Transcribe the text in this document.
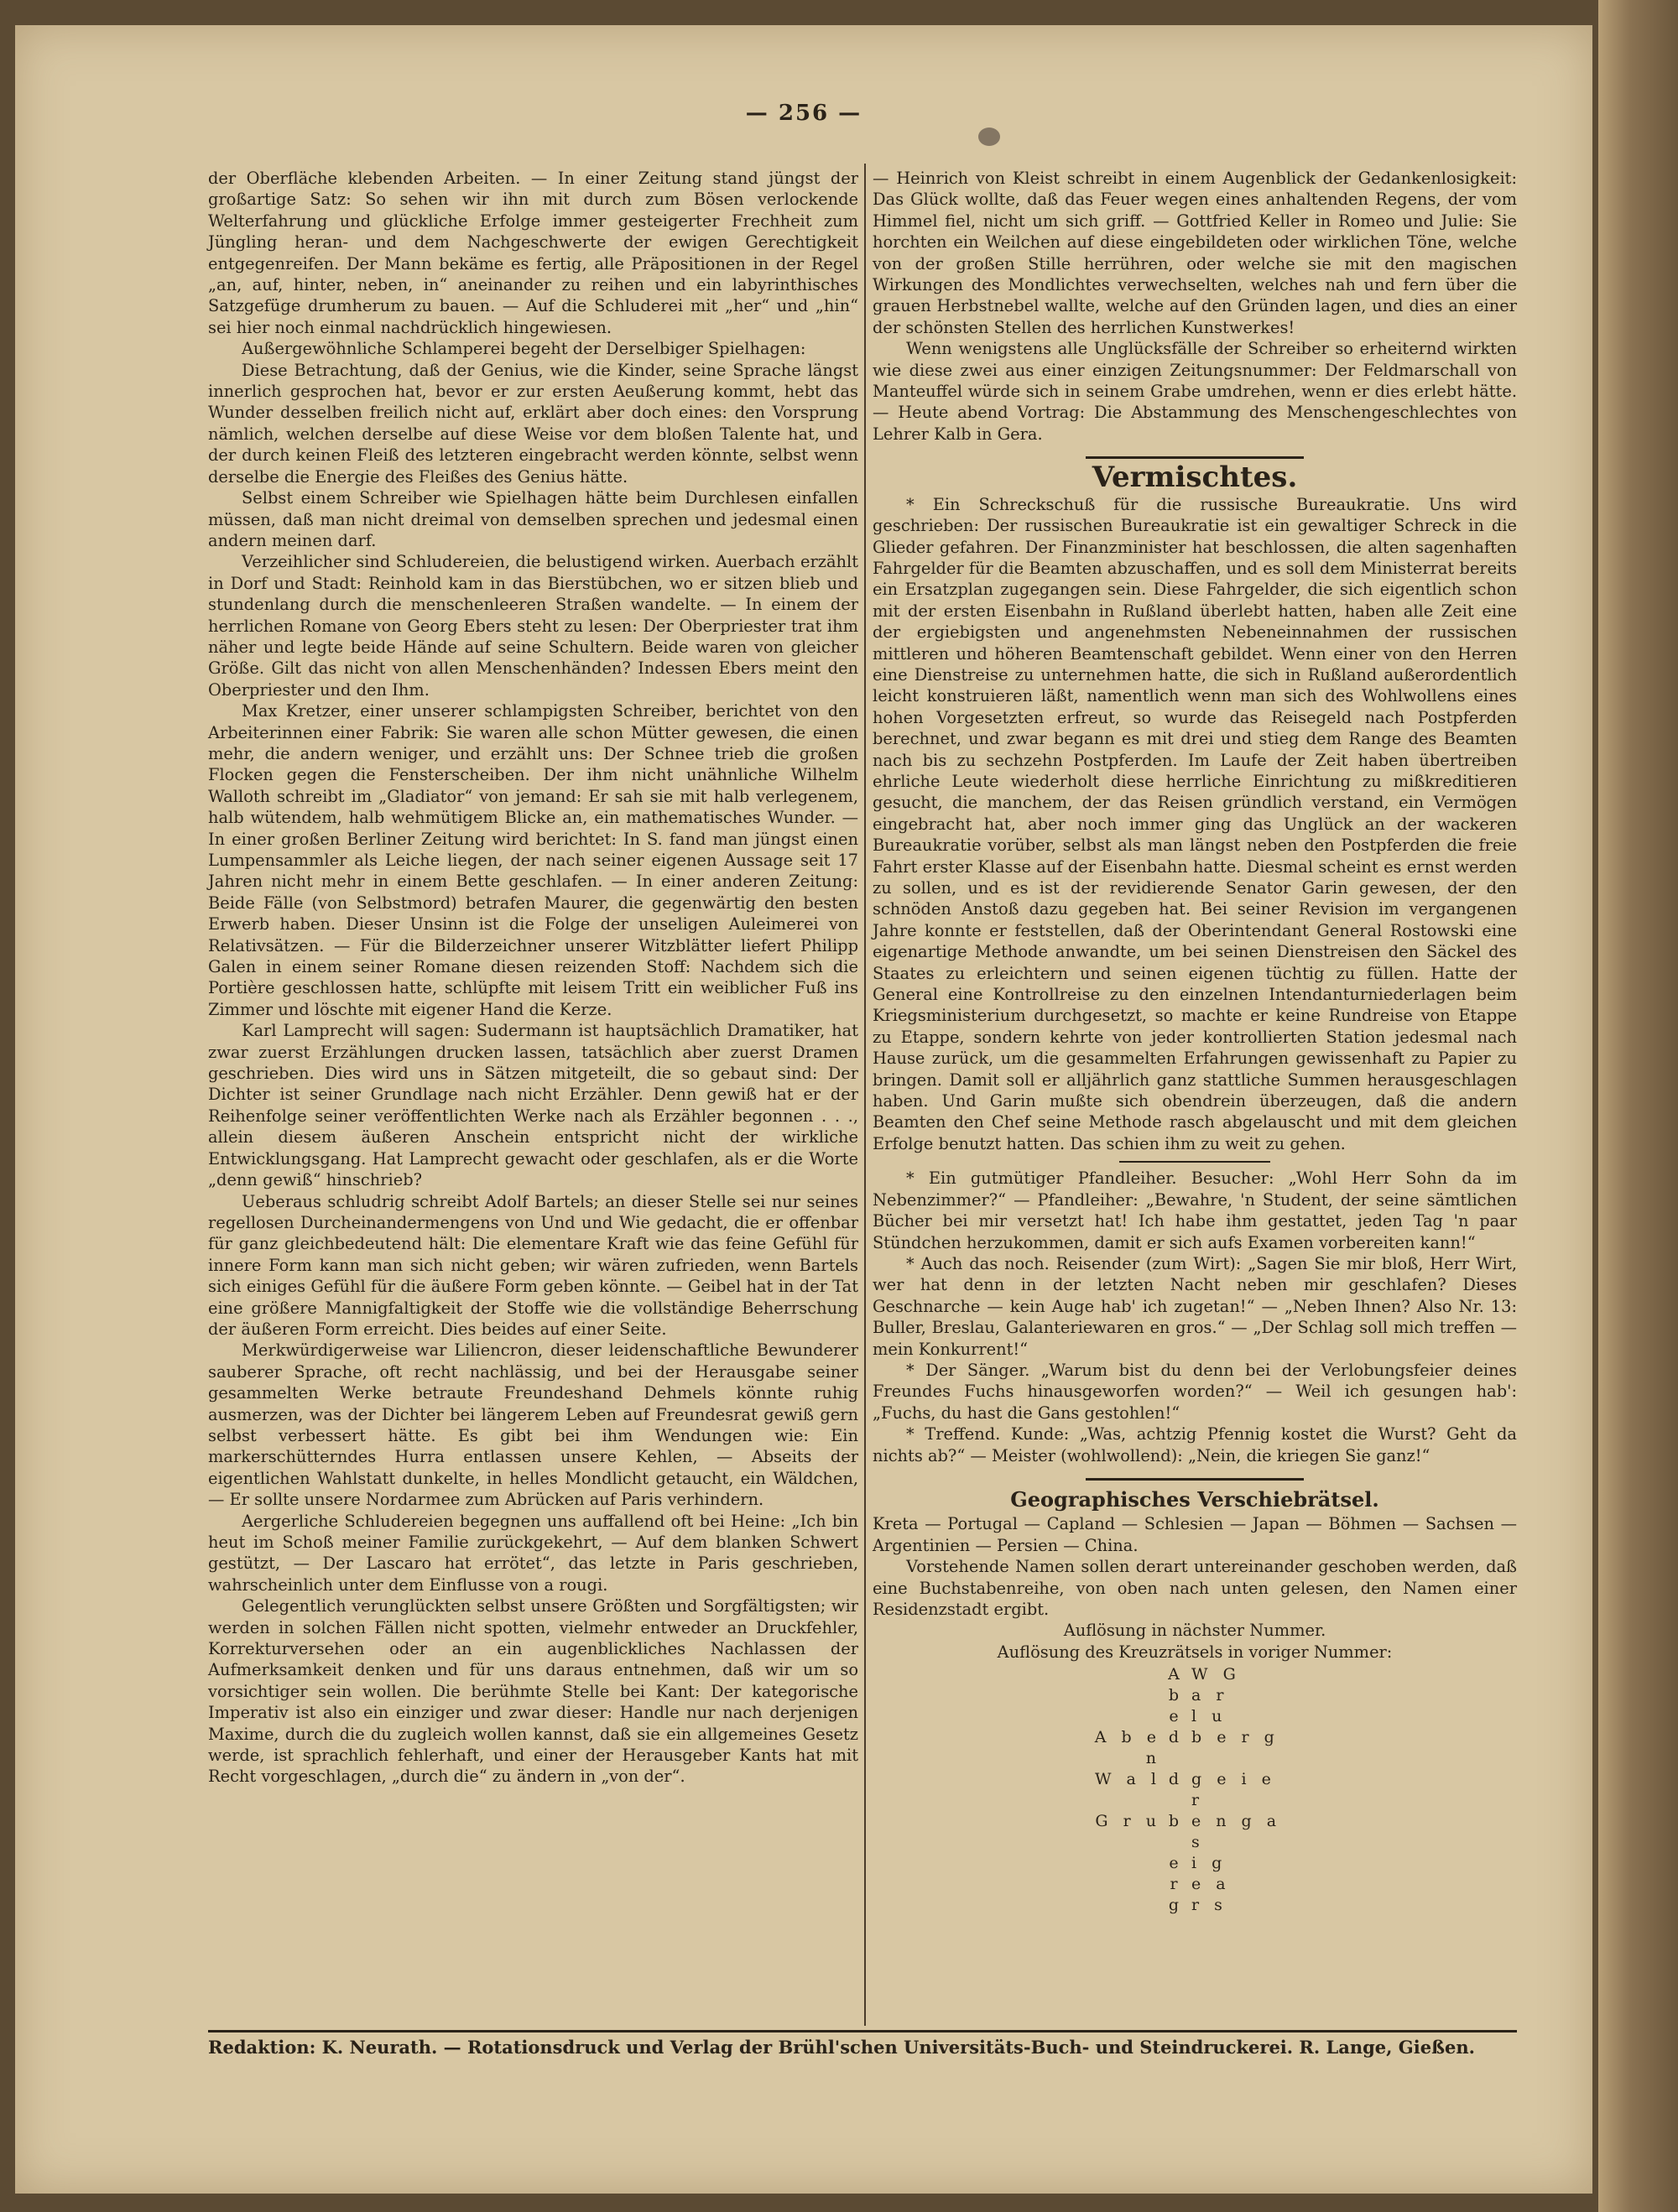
— 256 —

der Oberfläche klebenden Arbeiten. — In einer Zeitung stand jüngst der großartige Satz: So sehen wir ihn mit durch zum Bösen verlockende Welterfahrung und glückliche Erfolge immer gesteigerter Frechheit zum Jüngling heran- und dem Nachgeschwerte der ewigen Gerechtigkeit entgegenreifen. Der Mann bekäme es fertig, alle Präpositionen in der Regel „an, auf, hinter, neben, in“ aneinander zu reihen und ein labyrinthisches Satzgefüge drumherum zu bauen. — Auf die Schluderei mit „her“ und „hin“ sei hier noch einmal nachdrücklich hingewiesen.

Außergewöhnliche Schlamperei begeht der Derselbiger Spielhagen:

Diese Betrachtung, daß der Genius, wie die Kinder, seine Sprache längst innerlich gesprochen hat, bevor er zur ersten Aeußerung kommt, hebt das Wunder desselben freilich nicht auf, erklärt aber doch eines: den Vorsprung nämlich, welchen derselbe auf diese Weise vor dem bloßen Talente hat, und der durch keinen Fleiß des letzteren eingebracht werden könnte, selbst wenn derselbe die Energie des Fleißes des Genius hätte.

Selbst einem Schreiber wie Spielhagen hätte beim Durchlesen einfallen müssen, daß man nicht dreimal von demselben sprechen und jedesmal einen andern meinen darf.

Verzeihlicher sind Schludereien, die belustigend wirken. Auerbach erzählt in Dorf und Stadt: Reinhold kam in das Bierstübchen, wo er sitzen blieb und stundenlang durch die menschenleeren Straßen wandelte. — In einem der herrlichen Romane von Georg Ebers steht zu lesen: Der Oberpriester trat ihm näher und legte beide Hände auf seine Schultern. Beide waren von gleicher Größe. Gilt das nicht von allen Menschenhänden? Indessen Ebers meint den Oberpriester und den Ihm.

Max Kretzer, einer unserer schlampigsten Schreiber, berichtet von den Arbeiterinnen einer Fabrik: Sie waren alle schon Mütter gewesen, die einen mehr, die andern weniger, und erzählt uns: Der Schnee trieb die großen Flocken gegen die Fensterscheiben. Der ihm nicht unähnliche Wilhelm Walloth schreibt im „Gladiator“ von jemand: Er sah sie mit halb verlegenem, halb wütendem, halb wehmütigem Blicke an, ein mathematisches Wunder. — In einer großen Berliner Zeitung wird berichtet: In S. fand man jüngst einen Lumpensammler als Leiche liegen, der nach seiner eigenen Aussage seit 17 Jahren nicht mehr in einem Bette geschlafen. — In einer anderen Zeitung: Beide Fälle (von Selbstmord) betrafen Maurer, die gegenwärtig den besten Erwerb haben. Dieser Unsinn ist die Folge der unseligen Auleimerei von Relativsätzen. — Für die Bilderzeichner unserer Witzblätter liefert Philipp Galen in einem seiner Romane diesen reizenden Stoff: Nachdem sich die Portière geschlossen hatte, schlüpfte mit leisem Tritt ein weiblicher Fuß ins Zimmer und löschte mit eigener Hand die Kerze.

Karl Lamprecht will sagen: Sudermann ist hauptsächlich Dramatiker, hat zwar zuerst Erzählungen drucken lassen, tatsächlich aber zuerst Dramen geschrieben. Dies wird uns in Sätzen mitgeteilt, die so gebaut sind: Der Dichter ist seiner Grundlage nach nicht Erzähler. Denn gewiß hat er der Reihenfolge seiner veröffentlichten Werke nach als Erzähler begonnen . . ., allein diesem äußeren Anschein entspricht nicht der wirkliche Entwicklungsgang. Hat Lamprecht gewacht oder geschlafen, als er die Worte „denn gewiß“ hinschrieb?

Ueberaus schludrig schreibt Adolf Bartels; an dieser Stelle sei nur seines regellosen Durcheinandermengens von Und und Wie gedacht, die er offenbar für ganz gleichbedeutend hält: Die elementare Kraft wie das feine Gefühl für innere Form kann man sich nicht geben; wir wären zufrieden, wenn Bartels sich einiges Gefühl für die äußere Form geben könnte. — Geibel hat in der Tat eine größere Mannigfaltigkeit der Stoffe wie die vollständige Beherrschung der äußeren Form erreicht. Dies beides auf einer Seite.

Merkwürdigerweise war Liliencron, dieser leidenschaftliche Bewunderer sauberer Sprache, oft recht nachlässig, und bei der Herausgabe seiner gesammelten Werke betraute Freundeshand Dehmels könnte ruhig ausmerzen, was der Dichter bei längerem Leben auf Freundesrat gewiß gern selbst verbessert hätte. Es gibt bei ihm Wendungen wie: Ein markerschütterndes Hurra entlassen unsere Kehlen, — Abseits der eigentlichen Wahlstatt dunkelte, in helles Mondlicht getaucht, ein Wäldchen, — Er sollte unsere Nordarmee zum Abrücken auf Paris verhindern.

Aergerliche Schludereien begegnen uns auffallend oft bei Heine: „Ich bin heut im Schoß meiner Familie zurückgekehrt, — Auf dem blanken Schwert gestützt, — Der Lascaro hat errötet“, das letzte in Paris geschrieben, wahrscheinlich unter dem Einflusse von a rougi.

Gelegentlich verunglückten selbst unsere Größten und Sorgfältigsten; wir werden in solchen Fällen nicht spotten, vielmehr entweder an Druckfehler, Korrekturversehen oder an ein augenblickliches Nachlassen der Aufmerksamkeit denken und für uns daraus entnehmen, daß wir um so vorsichtiger sein wollen. Die berühmte Stelle bei Kant: Der kategorische Imperativ ist also ein einziger und zwar dieser: Handle nur nach derjenigen Maxime, durch die du zugleich wollen kannst, daß sie ein allgemeines Gesetz werde, ist sprachlich fehlerhaft, und einer der Herausgeber Kants hat mit Recht vorgeschlagen, „durch die“ zu ändern in „von der“.

— Heinrich von Kleist schreibt in einem Augenblick der Gedankenlosigkeit: Das Glück wollte, daß das Feuer wegen eines anhaltenden Regens, der vom Himmel fiel, nicht um sich griff. — Gottfried Keller in Romeo und Julie: Sie horchten ein Weilchen auf diese eingebildeten oder wirklichen Töne, welche von der großen Stille herrühren, oder welche sie mit den magischen Wirkungen des Mondlichtes verwechselten, welches nah und fern über die grauen Herbstnebel wallte, welche auf den Gründen lagen, und dies an einer der schönsten Stellen des herrlichen Kunstwerkes!

Wenn wenigstens alle Unglücksfälle der Schreiber so erheiternd wirkten wie diese zwei aus einer einzigen Zeitungsnummer: Der Feldmarschall von Manteuffel würde sich in seinem Grabe umdrehen, wenn er dies erlebt hätte. — Heute abend Vortrag: Die Abstammung des Menschengeschlechtes von Lehrer Kalb in Gera.

Vermischtes.

* Ein Schreckschuß für die russische Bureaukratie. Uns wird geschrieben: Der russischen Bureaukratie ist ein gewaltiger Schreck in die Glieder gefahren. Der Finanzminister hat beschlossen, die alten sagenhaften Fahrgelder für die Beamten abzuschaffen, und es soll dem Ministerrat bereits ein Ersatzplan zugegangen sein. Diese Fahrgelder, die sich eigentlich schon mit der ersten Eisenbahn in Rußland überlebt hatten, haben alle Zeit eine der ergiebigsten und angenehmsten Nebeneinnahmen der russischen mittleren und höheren Beamtenschaft gebildet. Wenn einer von den Herren eine Dienstreise zu unternehmen hatte, die sich in Rußland außerordentlich leicht konstruieren läßt, namentlich wenn man sich des Wohlwollens eines hohen Vorgesetzten erfreut, so wurde das Reisegeld nach Postpferden berechnet, und zwar begann es mit drei und stieg dem Range des Beamten nach bis zu sechzehn Postpferden. Im Laufe der Zeit haben übertreiben ehrliche Leute wiederholt diese herrliche Einrichtung zu mißkreditieren gesucht, die manchem, der das Reisen gründlich verstand, ein Vermögen eingebracht hat, aber noch immer ging das Unglück an der wackeren Bureaukratie vorüber, selbst als man längst neben den Postpferden die freie Fahrt erster Klasse auf der Eisenbahn hatte. Diesmal scheint es ernst werden zu sollen, und es ist der revidierende Senator Garin gewesen, der den schnöden Anstoß dazu gegeben hat. Bei seiner Revision im vergangenen Jahre konnte er feststellen, daß der Oberintendant General Rostowski eine eigenartige Methode anwandte, um bei seinen Dienstreisen den Säckel des Staates zu erleichtern und seinen eigenen tüchtig zu füllen. Hatte der General eine Kontrollreise zu den einzelnen Intendanturniederlagen beim Kriegsministerium durchgesetzt, so machte er keine Rundreise von Etappe zu Etappe, sondern kehrte von jeder kontrollierten Station jedesmal nach Hause zurück, um die gesammelten Erfahrungen gewissenhaft zu Papier zu bringen. Damit soll er alljährlich ganz stattliche Summen herausgeschlagen haben. Und Garin mußte sich obendrein überzeugen, daß die andern Beamten den Chef seine Methode rasch abgelauscht und mit dem gleichen Erfolge benutzt hatten. Das schien ihm zu weit zu gehen.

* Ein gutmütiger Pfandleiher. Besucher: „Wohl Herr Sohn da im Nebenzimmer?“ — Pfandleiher: „Bewahre, 'n Student, der seine sämtlichen Bücher bei mir versetzt hat! Ich habe ihm gestattet, jeden Tag 'n paar Stündchen herzukommen, damit er sich aufs Examen vorbereiten kann!“

* Auch das noch. Reisender (zum Wirt): „Sagen Sie mir bloß, Herr Wirt, wer hat denn in der letzten Nacht neben mir geschlafen? Dieses Geschnarche — kein Auge hab' ich zugetan!“ — „Neben Ihnen? Also Nr. 13: Buller, Breslau, Galanteriewaren en gros.“ — „Der Schlag soll mich treffen — mein Konkurrent!“

* Der Sänger. „Warum bist du denn bei der Verlobungsfeier deines Freundes Fuchs hinausgeworfen worden?“ — Weil ich gesungen hab': „Fuchs, du hast die Gans gestohlen!“

* Treffend. Kunde: „Was, achtzig Pfennig kostet die Wurst? Geht da nichts ab?“ — Meister (wohlwollend): „Nein, die kriegen Sie ganz!“

Geographisches Verschiebrätsel.

Kreta — Portugal — Capland — Schlesien — Japan — Böhmen — Sachsen — Argentinien — Persien — China.

Vorstehende Namen sollen derart untereinander geschoben werden, daß eine Buchstabenreihe, von oben nach unten gelesen, den Namen einer Residenzstadt ergibt.

Auflösung in nächster Nummer.

Auflösung des Kreuzrätsels in voriger Nummer:

A W G
b a r
e l u
A b e n
d b e r g
W a l d g e i e r
G r u b e n g a s
e i g
r e a
g r s
Redaktion: K. Neurath. — Rotationsdruck und Verlag der Brühl'schen Universitäts-Buch- und Steindruckerei. R. Lange, Gießen.
